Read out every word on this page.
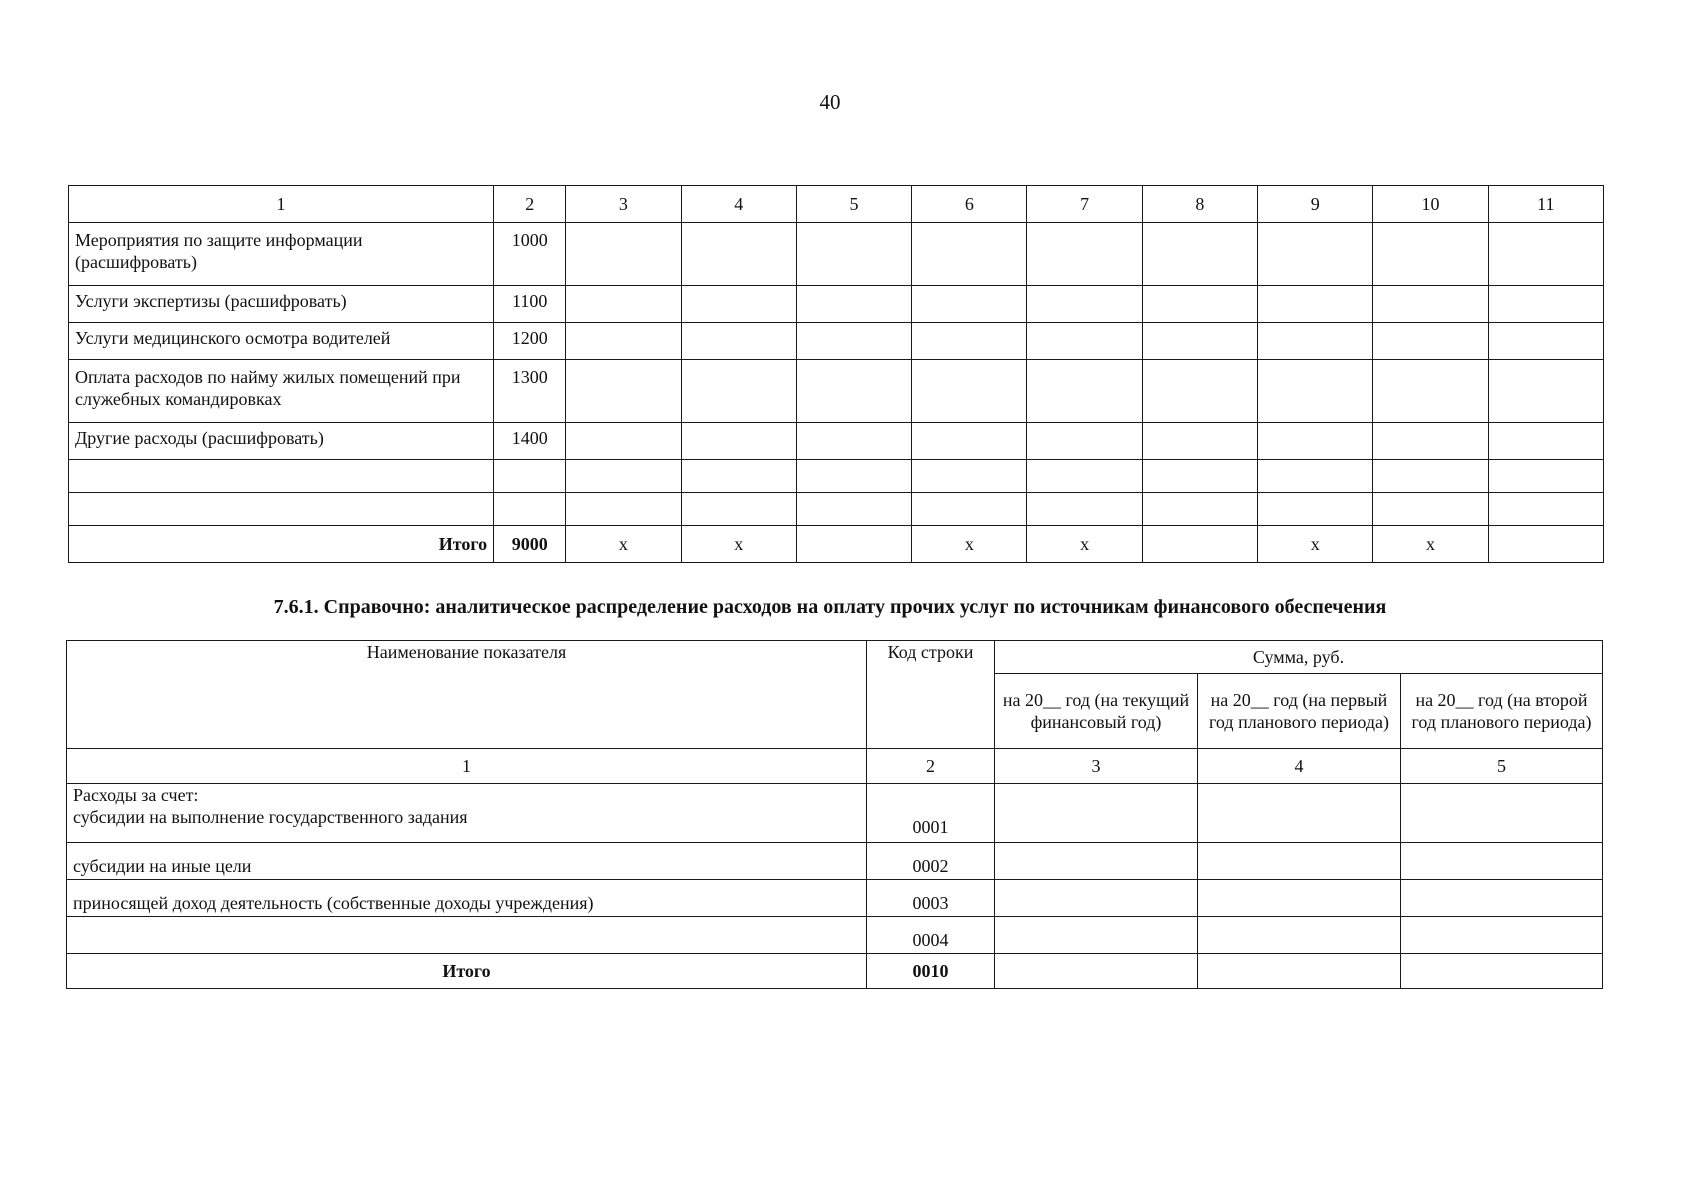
40
1	2	3	4	5	6	7	8	9	10	11
Мероприятия по защите информации (расшифровать)	1000									
Услуги экспертизы (расшифровать)	1100									
Услуги медицинского осмотра водителей	1200									
Оплата расходов по найму жилых помещений при служебных командировках	1300									
Другие расходы (расшифровать)	1400									

Итого	9000	x	x		x	x		x	x	
7.6.1. Справочно: аналитическое распределение расходов на оплату прочих услуг по источникам финансового обеспечения
Наименование показателя	Код строки	Сумма, руб.		
		на 20__ год (на текущий финансовый год)	на 20__ год (на первый год планового периода)	на 20__ год (на второй год планового периода)
1	2	3	4	5

Расходы за счет:
субсидии на выполнение государственного задания	0001			
субсидии на иные цели	0002			
приносящей доход деятельность (собственные доходы учреждения)	0003			
	0004			
Итого	0010			
